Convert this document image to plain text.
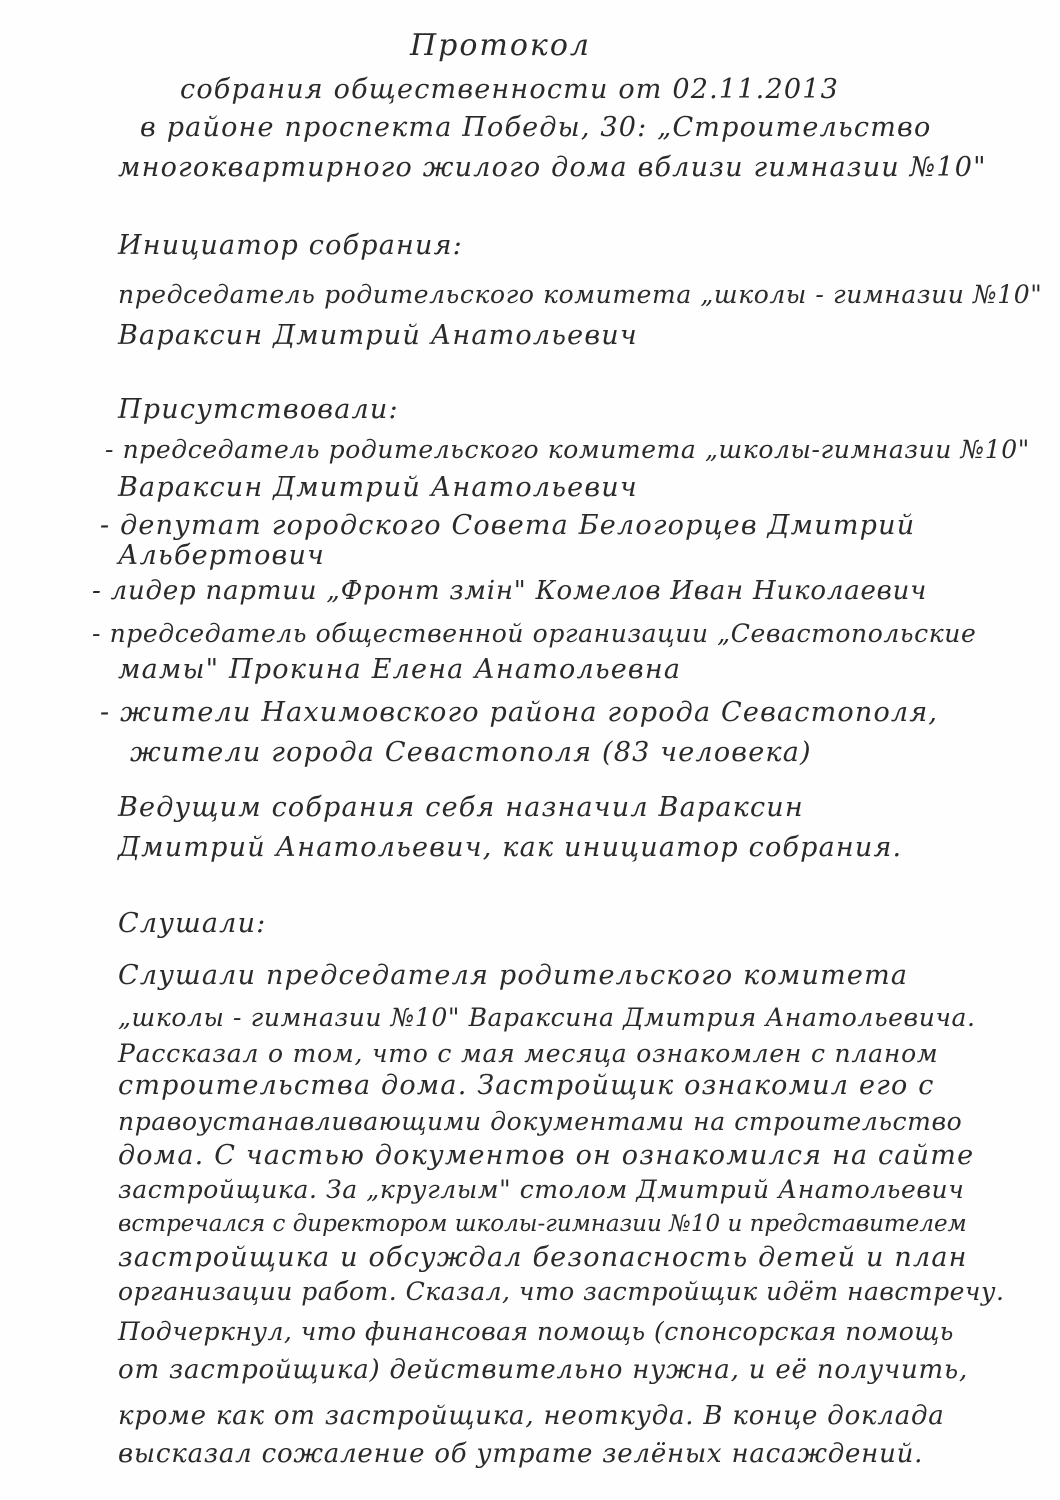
Протокол
собрания общественности от 02.11.2013
в районе проспекта Победы, 30: „Строительство
многоквартирного жилого дома вблизи гимназии №10"
Инициатор собрания:
председатель родительского комитета „школы - гимназии №10"
Вараксин Дмитрий Анатольевич
Присутствовали:
- председатель родительского комитета „школы-гимназии №10"
Вараксин Дмитрий Анатольевич
- депутат городского Совета Белогорцев Дмитрий
Альбертович
- лидер партии „Фронт змін" Комелов Иван Николаевич
- председатель общественной организации „Севастопольские
мамы" Прокина Елена Анатольевна
- жители Нахимовского района города Севастополя,
жители города Севастополя (83 человека)
Ведущим собрания себя назначил Вараксин
Дмитрий Анатольевич, как инициатор собрания.
Слушали:
Слушали председателя родительского комитета
„школы - гимназии №10" Вараксина Дмитрия Анатольевича.
Рассказал о том, что с мая месяца ознакомлен с планом
строительства дома. Застройщик ознакомил его с
правоустанавливающими документами на строительство
дома. С частью документов он ознакомился на сайте
застройщика. За „круглым" столом Дмитрий Анатольевич
встречался с директором школы-гимназии №10 и представителем
застройщика и обсуждал безопасность детей и план
организации работ. Сказал, что застройщик идёт навстречу.
Подчеркнул, что финансовая помощь (спонсорская помощь
от застройщика) действительно нужна, и её получить,
кроме как от застройщика, неоткуда. В конце доклада
высказал сожаление об утрате зелёных насаждений.
